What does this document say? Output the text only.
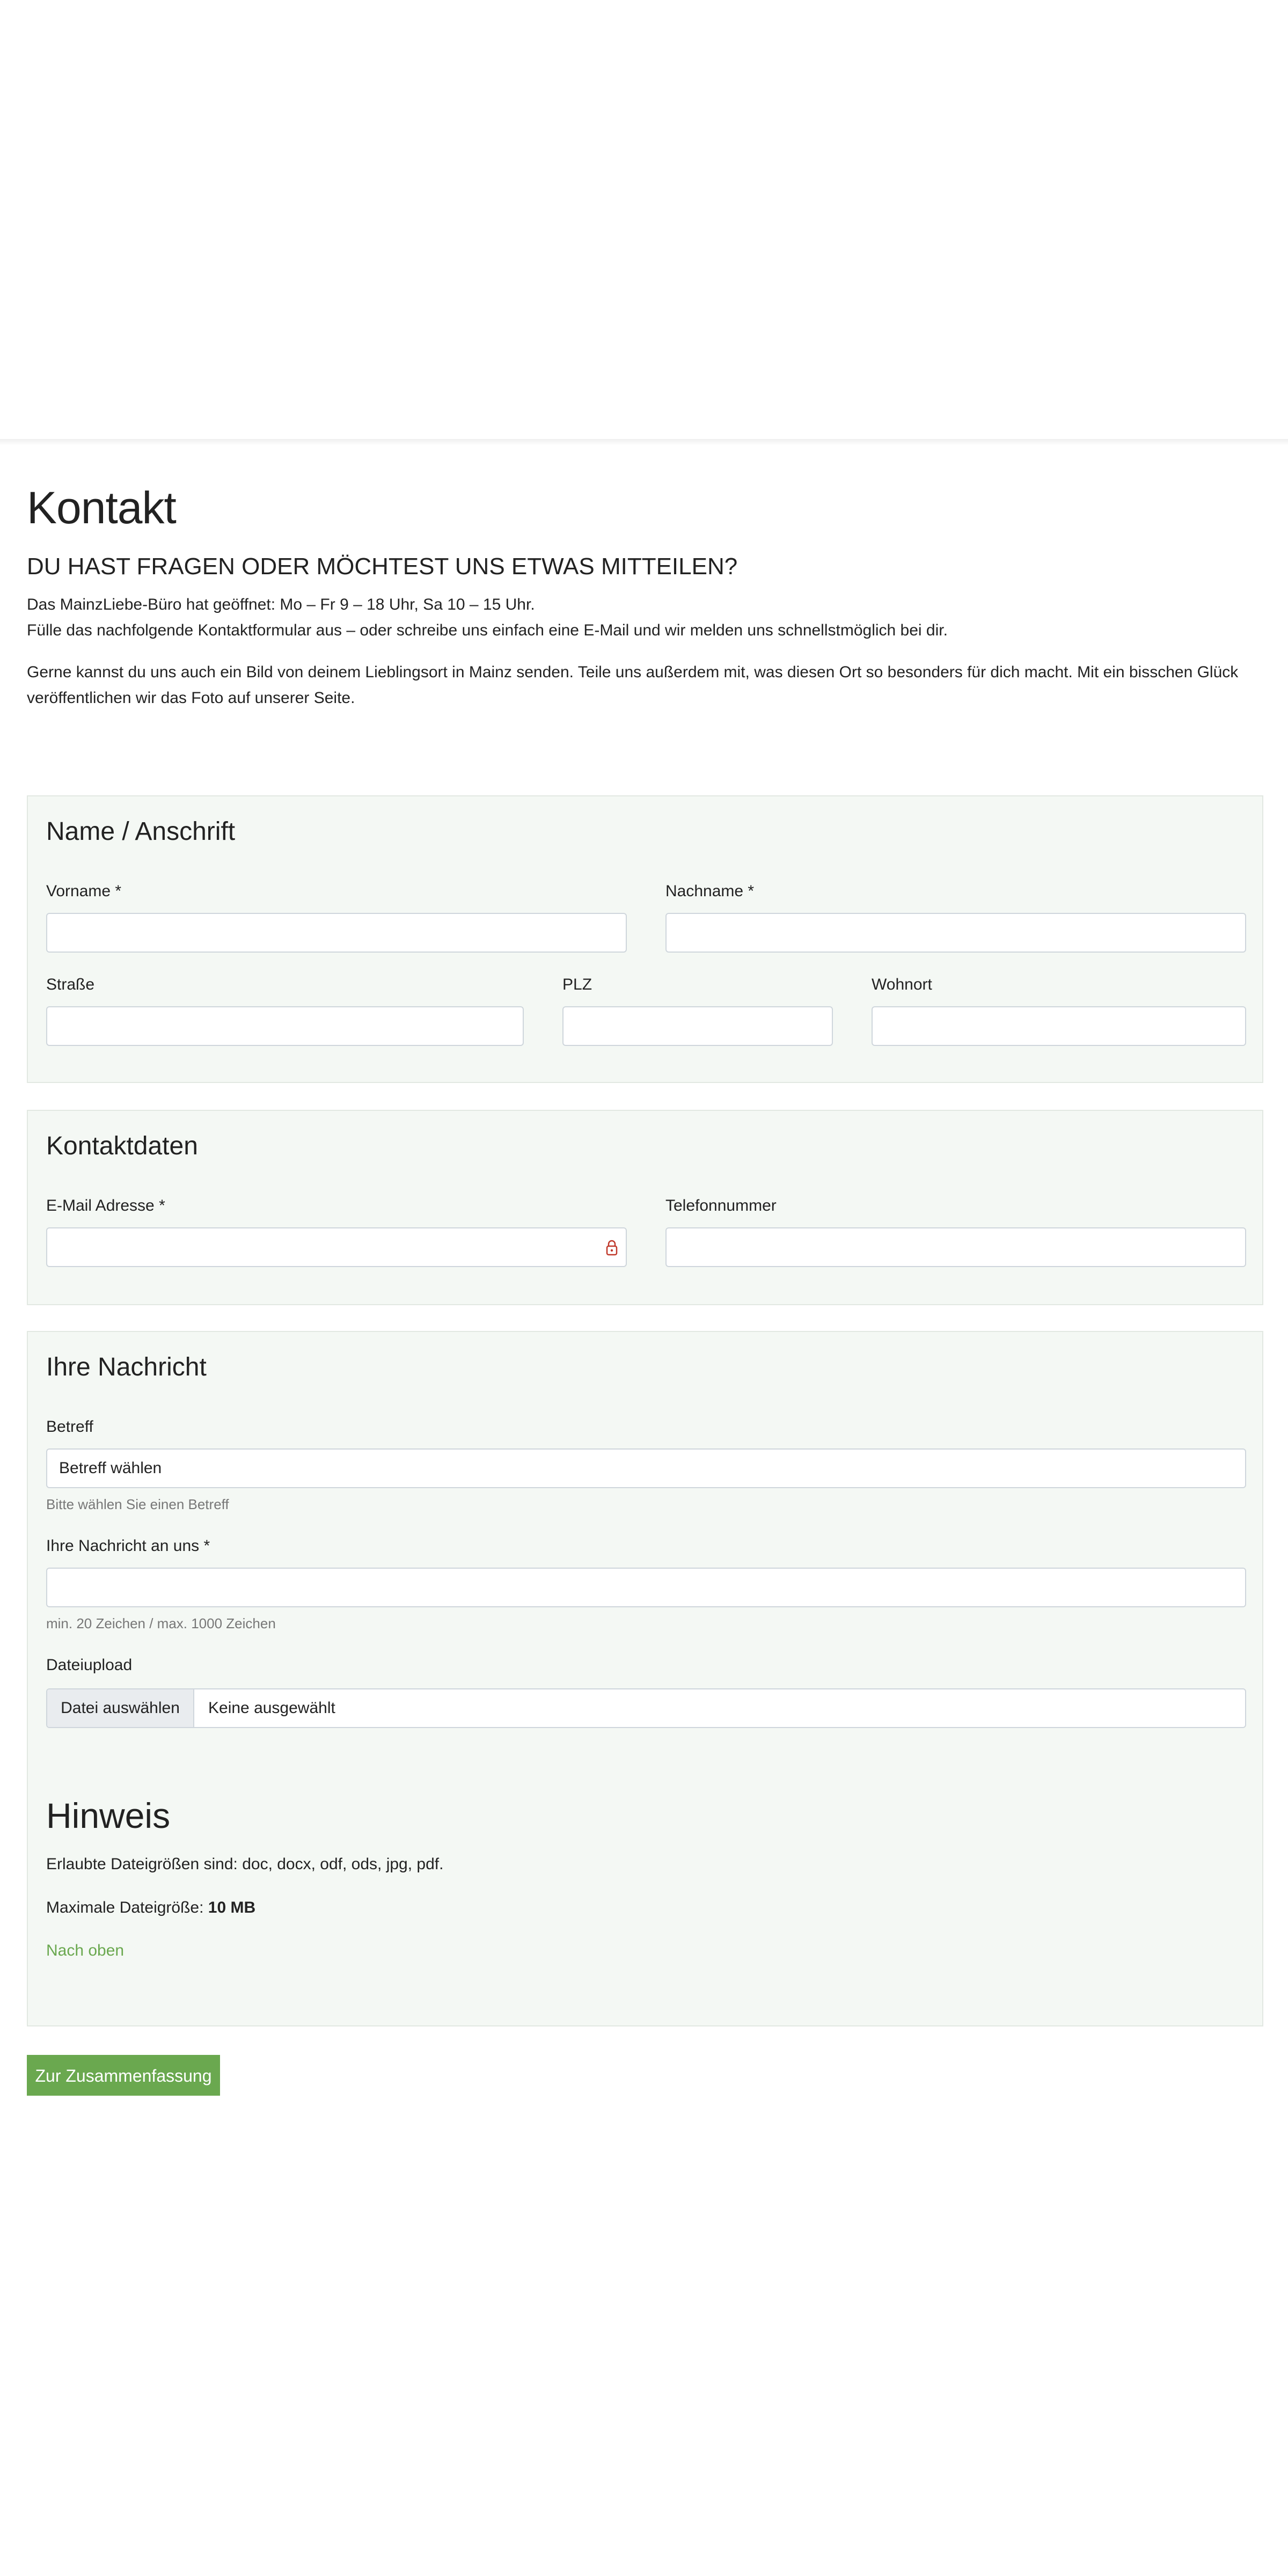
Kontakt
DU HAST FRAGEN ODER MÖCHTEST UNS ETWAS MITTEILEN?

Das MainzLiebe-Büro hat geöffnet: Mo – Fr 9 – 18 Uhr, Sa 10 – 15 Uhr.

Fülle das nachfolgende Kontaktformular aus – oder schreibe uns einfach eine E-Mail und wir melden uns schnellstmöglich bei dir.

Gerne kannst du uns auch ein Bild von deinem Lieblingsort in Mainz senden. Teile uns außerdem mit, was diesen Ort so besonders für dich macht. Mit ein bisschen Glück veröffentlichen wir das Foto auf unserer Seite.

Name / Anschrift
Vorname *	Nachname *
Straße	PLZ	Wohnort
Kontaktdaten
E-Mail Adresse *	Telefonnummer
Ihre Nachricht
Betreff
Betreff wählen
Bitte wählen Sie einen Betreff
Ihre Nachricht an uns *
min. 20 Zeichen / max. 1000 Zeichen
Dateiupload
Datei auswählen	Keine ausgewählt
Hinweis
Erlaubte Dateigrößen sind: doc, docx, odf, ods, jpg, pdf.
Maximale Dateigröße: 10 MB
Nach oben
Zur Zusammenfassung
